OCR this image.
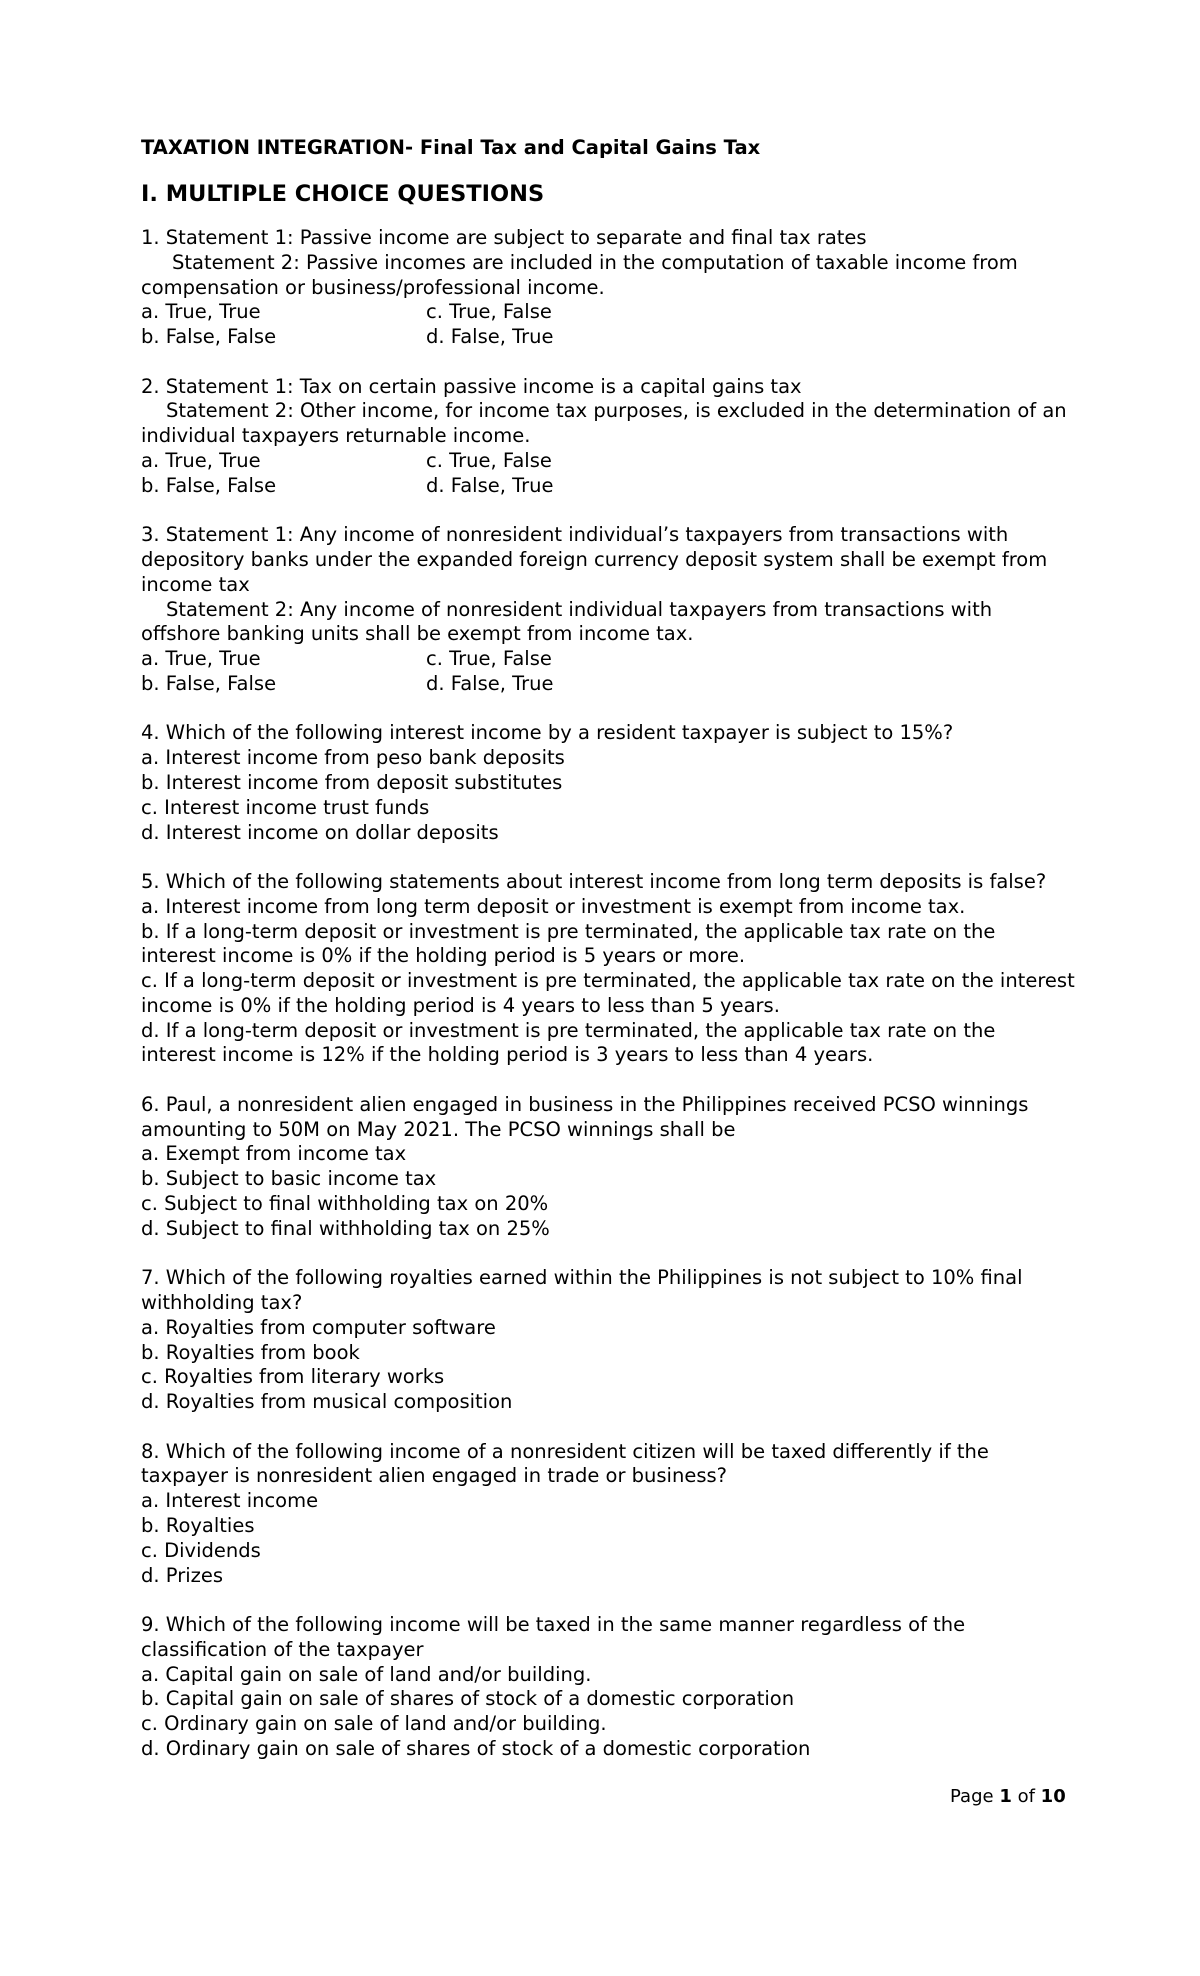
TAXATION INTEGRATION- Final Tax and Capital Gains Tax
I. MULTIPLE CHOICE QUESTIONS
1. Statement 1: Passive income are subject to separate and final tax rates
Statement 2: Passive incomes are included in the computation of taxable income from compensation or business/professional income.
a. True, True	c. True, False
b. False, False	d. False, True
2. Statement 1: Tax on certain passive income is a capital gains tax
Statement 2: Other income, for income tax purposes, is excluded in the determination of an individual taxpayers returnable income.
a. True, True	c. True, False
b. False, False	d. False, True
3. Statement 1: Any income of nonresident individual’s taxpayers from transactions with depository banks under the expanded foreign currency deposit system shall be exempt from income tax
Statement 2: Any income of nonresident individual taxpayers from transactions with offshore banking units shall be exempt from income tax.
a. True, True	c. True, False
b. False, False	d. False, True
4. Which of the following interest income by a resident taxpayer is subject to 15%?
a. Interest income from peso bank deposits
b. Interest income from deposit substitutes
c. Interest income trust funds
d. Interest income on dollar deposits
5. Which of the following statements about interest income from long term deposits is false?
a. Interest income from long term deposit or investment is exempt from income tax.
b. If a long-term deposit or investment is pre terminated, the applicable tax rate on the interest income is 0% if the holding period is 5 years or more.
c. If a long-term deposit or investment is pre terminated, the applicable tax rate on the interest income is 0% if the holding period is 4 years to less than 5 years.
d. If a long-term deposit or investment is pre terminated, the applicable tax rate on the interest income is 12% if the holding period is 3 years to less than 4 years.
6. Paul, a nonresident alien engaged in business in the Philippines received PCSO winnings amounting to 50M on May 2021. The PCSO winnings shall be
a. Exempt from income tax
b. Subject to basic income tax
c. Subject to final withholding tax on 20%
d. Subject to final withholding tax on 25%
7. Which of the following royalties earned within the Philippines is not subject to 10% final withholding tax?
a. Royalties from computer software
b. Royalties from book
c. Royalties from literary works
d. Royalties from musical composition
8. Which of the following income of a nonresident citizen will be taxed differently if the taxpayer is nonresident alien engaged in trade or business?
a. Interest income
b. Royalties
c. Dividends
d. Prizes
9. Which of the following income will be taxed in the same manner regardless of the classification of the taxpayer
a. Capital gain on sale of land and/or building.
b. Capital gain on sale of shares of stock of a domestic corporation
c. Ordinary gain on sale of land and/or building.
d. Ordinary gain on sale of shares of stock of a domestic corporation
Page 1 of 10
